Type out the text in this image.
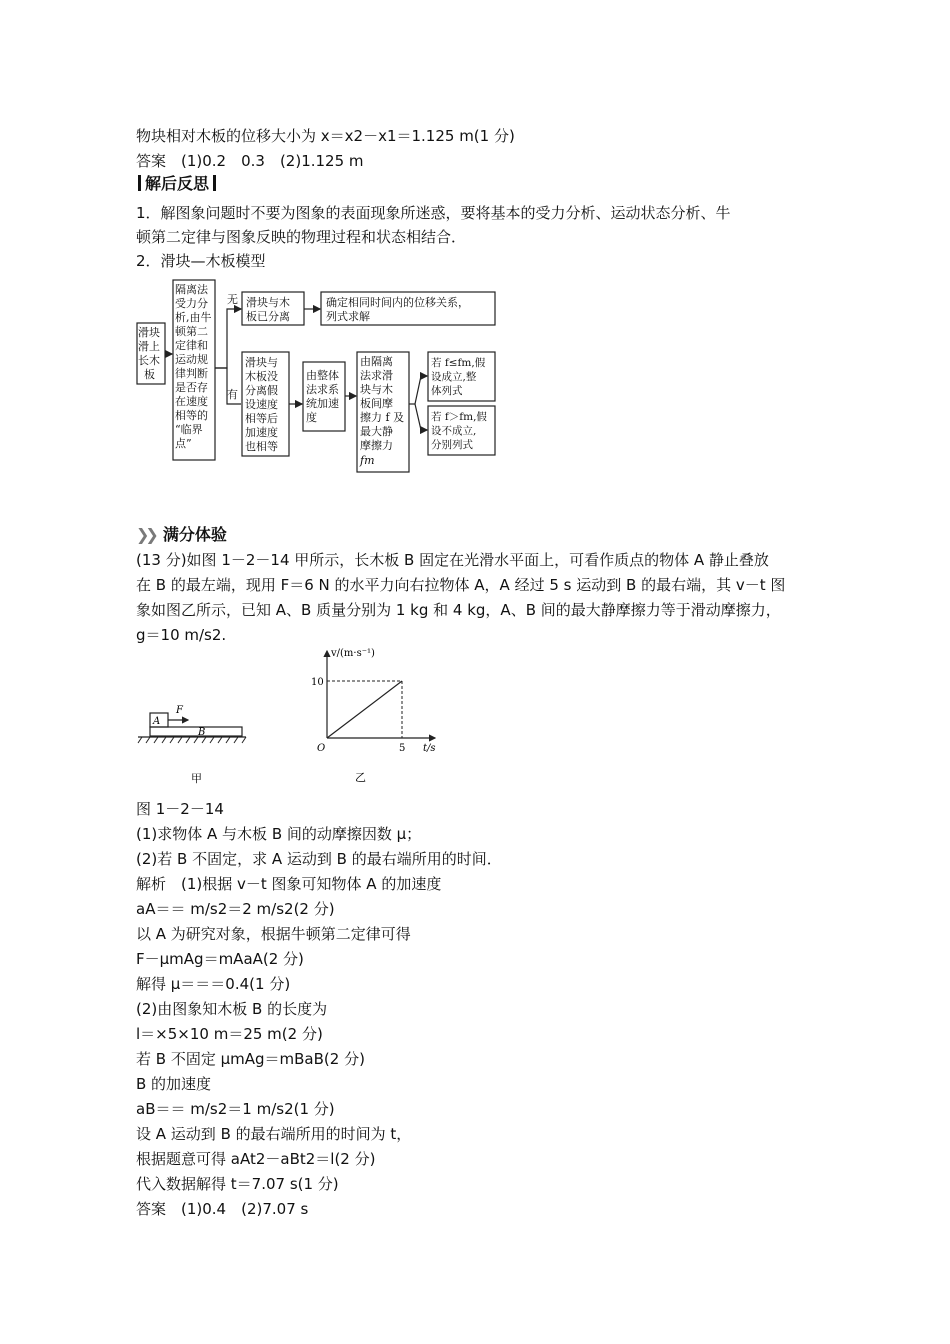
物块相对木板的位移大小为 x＝x2－x1＝1.125 m(1 分)
答案　(1)0.2　0.3　(2)1.125 m
解后反思
1．解图象问题时不要为图象的表面现象所迷惑，要将基本的受力分析、运动状态分析、牛
顿第二定律与图象反映的物理过程和状态相结合．
2．滑块—木板模型
滑块
滑上
长木
板
隔离法
受力分
析,由牛
顿第二
定律和
运动规
律判断
是否存
在速度
相等的
“临界
点”
无
有
滑块与木
板已分离
确定相同时间内的位移关系，
列式求解
滑块与
木板没
分离假
设速度
相等后
加速度
也相等
由整体
法求系
统加速
度
由隔离
法求滑
块与木
板间摩
擦力 f 及
最大静
摩擦力
fm
若 f≤fm,假
设成立,整
体列式
若 f＞fm,假
设不成立,
分别列式
❯❯ 满分体验
(13 分)如图 1－2－14 甲所示，长木板 B 固定在光滑水平面上，可看作质点的物体 A 静止叠放
在 B 的最左端，现用 F＝6 N 的水平力向右拉物体 A，A 经过 5 s 运动到 B 的最右端，其 v－t 图
象如图乙所示，已知 A、B 质量分别为 1 kg 和 4 kg，A、B 间的最大静摩擦力等于滑动摩擦力，
g＝10 m/s2.
A
F
B
甲
v/(m·s⁻¹)
t/s
O
10
5
乙
图 1－2－14
(1)求物体 A 与木板 B 间的动摩擦因数 μ；
(2)若 B 不固定，求 A 运动到 B 的最右端所用的时间．
解析　(1)根据 v－t 图象可知物体 A 的加速度
aA＝＝ m/s2＝2 m/s2(2 分)
以 A 为研究对象，根据牛顿第二定律可得
F－μmAg＝mAaA(2 分)
解得 μ＝＝＝0.4(1 分)
(2)由图象知木板 B 的长度为
l＝×5×10 m＝25 m(2 分)
若 B 不固定 μmAg＝mBaB(2 分)
B 的加速度
aB＝＝ m/s2＝1 m/s2(1 分)
设 A 运动到 B 的最右端所用的时间为 t，
根据题意可得 aAt2－aBt2＝l(2 分)
代入数据解得 t＝7.07 s(1 分)
答案　(1)0.4　(2)7.07 s
